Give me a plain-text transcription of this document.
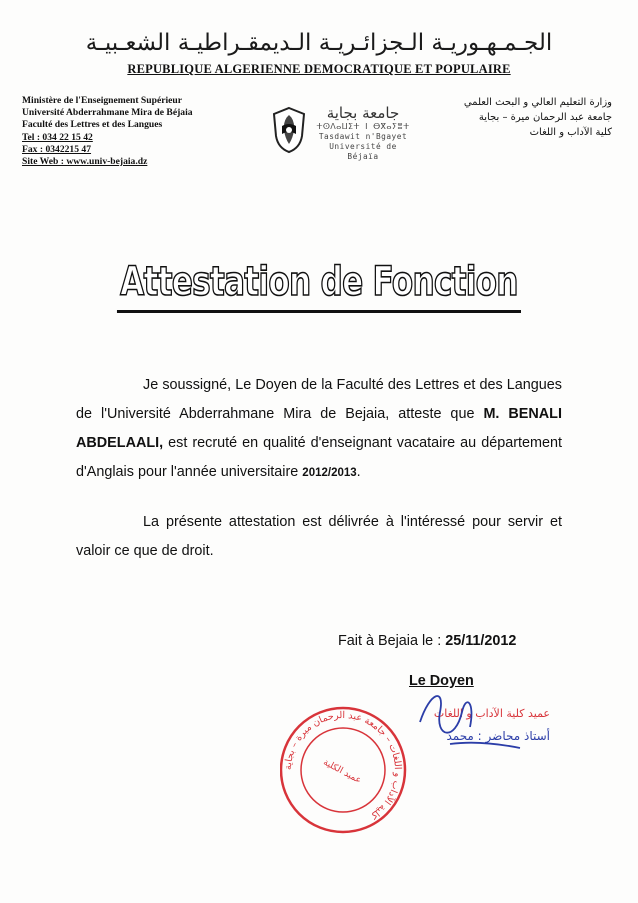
الجـمـهـوريـة الـجزائـريـة الـديمقـراطيـة الشعـبيـة
REPUBLIQUE ALGERIENNE DEMOCRATIQUE ET POPULAIRE
Ministère de l'Enseignement Supérieur
Université Abderrahmane Mira de Béjaia
Faculté des Lettres et des Langues
Tel : 034 22 15 42
Fax : 0342215 47
Site Web : www.univ-bejaia.dz
جامعة بجاية
ⵜⵙⴷⴰⵡⵉⵜ ⵏ ⴱⴳⴰⵢⴻⵜ
Tasdawit n'Bgayet
Université de Béjaïa
وزارة التعليم العالي و البحث العلمي
جامعة عبد الرحمان ميرة – بجاية
كلية الآداب و اللغات
Attestation de Fonction
Je soussigné, Le Doyen de la Faculté des Lettres et des Langues de l'Université Abderrahmane Mira de Bejaia, atteste que M. BENALI ABDELAALI, est recruté en qualité d'enseignant vacataire au département d'Anglais pour l'année universitaire 2012/2013.
La présente attestation est délivrée à l'intéressé pour servir et valoir ce que de droit.
Fait à Bejaia le : 25/11/2012
Le Doyen
كلية الآداب و اللغات – جامعة عبد الرحمان ميرة – بجاية
عميد الكلية
عميد كلية الآداب و اللغات
أستاذ محاضر : محمد
